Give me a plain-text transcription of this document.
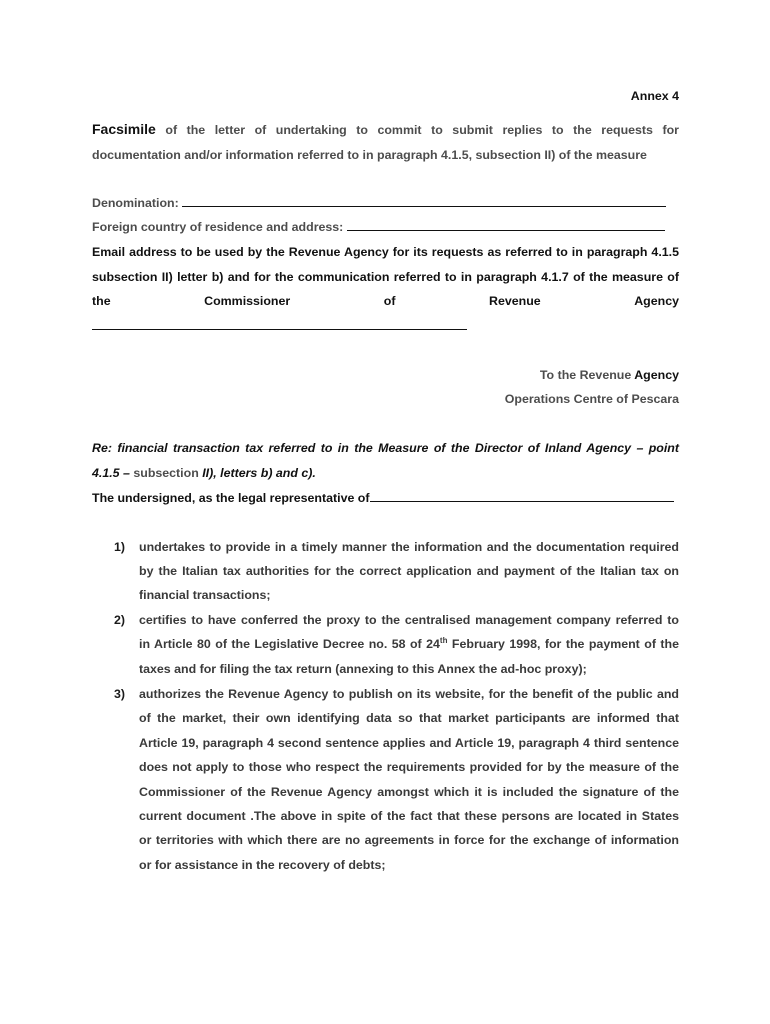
Annex 4
Facsimile of the letter of undertaking to commit to submit replies to the requests for
documentation and/or information referred to in paragraph 4.1.5, subsection II) of the measure
Denomination:
Foreign country of residence and address:
Email address to be used by the Revenue Agency for its requests as referred to in paragraph 4.1.5
subsection II) letter b) and for the communication referred to in paragraph 4.1.7 of the measure of
the	Commissioner	of	Revenue	Agency
To the Revenue Agency
Operations Centre of Pescara
Re: financial transaction tax referred to in the Measure of the Director of Inland Agency – point
4.1.5 – subsection II), letters b) and c).
The undersigned, as the legal representative of
1) undertakes to provide in a timely manner the information and the documentation required
by the Italian tax authorities for the correct application and payment of the Italian tax on
financial transactions;
2) certifies to have conferred the proxy to the centralised management company referred to
in Article 80 of the Legislative Decree no. 58 of 24th February 1998, for the payment of the
taxes and for filing the tax return (annexing to this Annex the ad-hoc proxy);
3) authorizes the Revenue Agency to publish on its website, for the benefit of the public and
of the market, their own identifying data so that market participants are informed that
Article 19, paragraph 4 second sentence applies and Article 19, paragraph 4 third sentence
does not apply to those who respect the requirements provided for by the measure of the
Commissioner of the Revenue Agency amongst which it is included the signature of the
current document .The above in spite of the fact that these persons are located in States
or territories with which there are no agreements in force for the exchange of information
or for assistance in the recovery of debts;
